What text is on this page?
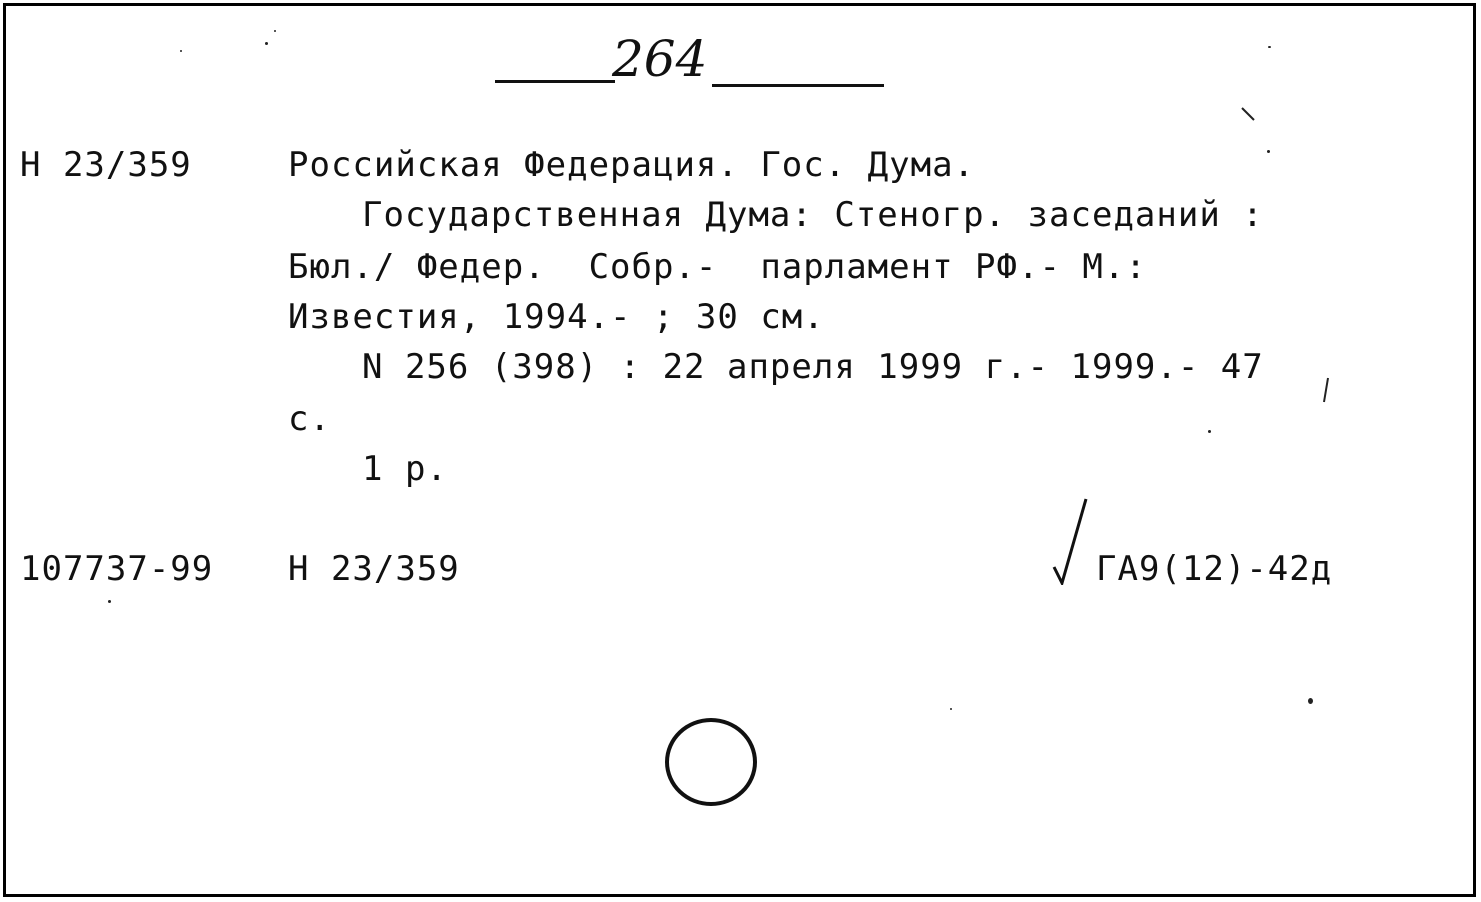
264
Н 23/359	Российская Федерация. Гос. Дума.
Государственная Дума: Стеногр. заседаний :
Бюл./ Федер.  Собр.-  парламент РФ.- М.:
Известия, 1994.- ; 30 см.
N 256 (398) : 22 апреля 1999 г.- 1999.- 47
с.
1 р.
107737-99 Н 23/359	ГА9(12)-42д
